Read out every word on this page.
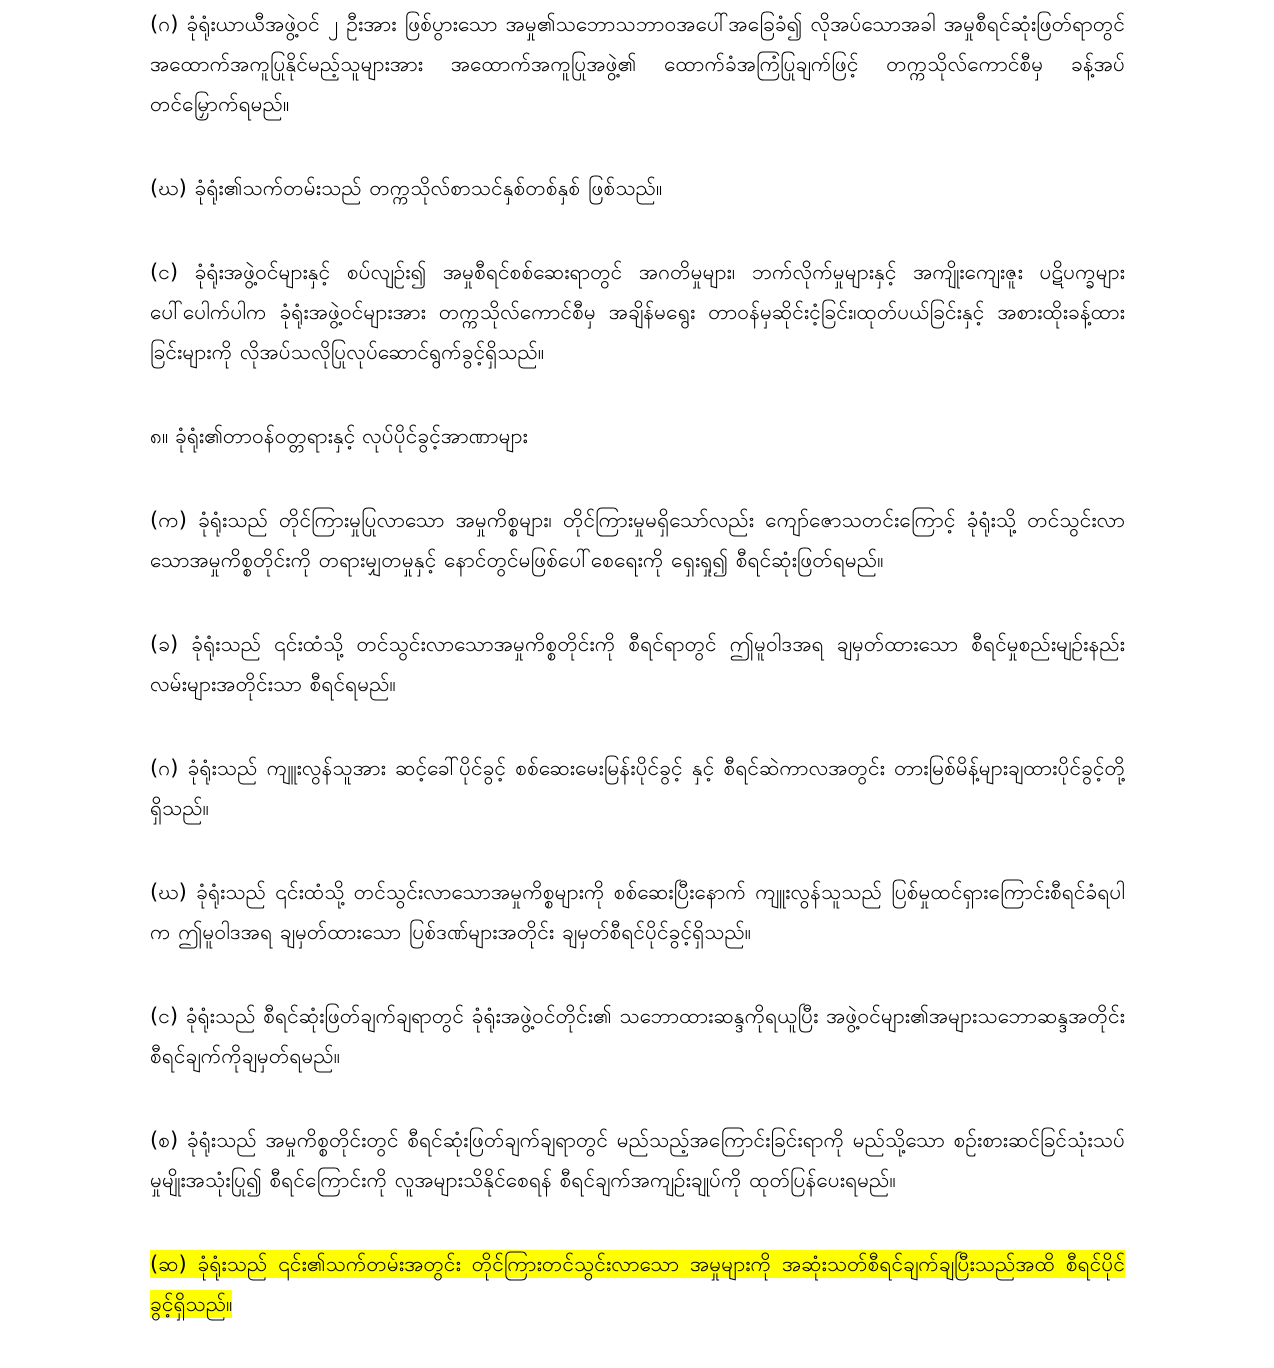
(ဂ) ခုံရုံးယာယီအဖွဲ့ဝင် ၂ ဦးအား ဖြစ်ပွားသော အမှု၏သဘောသဘာဝအပေါ်အခြေခံ၍ လိုအပ်သောအခါ အမှုစီရင်ဆုံးဖြတ်ရာတွင် အထောက်အကူပြုနိုင်မည့်သူများအား အထောက်အကူပြုအဖွဲ့၏ ထောက်ခံအကြံပြုချက်ဖြင့် တက္ကသိုလ်ကောင်စီမှ ခန့်အပ်တင်မြှောက်ရမည်။

(ဃ) ခုံရုံး၏သက်တမ်းသည် တက္ကသိုလ်စာသင်နှစ်တစ်နှစ် ဖြစ်သည်။

(င) ခုံရုံးအဖွဲ့ဝင်များနှင့် စပ်လျဥ်း၍ အမှုစီရင်စစ်ဆေးရာတွင် အဂတိမှုများ၊ ဘက်လိုက်မှုများနှင့် အကျိုးကျေးဇူး ပဋိပက္ခများ ပေါ်ပေါက်ပါက ခုံရုံးအဖွဲ့ဝင်များအား တက္ကသိုလ်ကောင်စီမှ အချိန်မရွေး တာဝန်မှဆိုင်းငံ့ခြင်း၊ထုတ်ပယ်ခြင်းနှင့် အစားထိုးခန့်ထားခြင်းများကို လိုအပ်သလိုပြုလုပ်ဆောင်ရွက်ခွင့်ရှိသည်။

၈။ ခုံရုံး၏တာဝန်ဝတ္တရားနှင့် လုပ်ပိုင်ခွင့်အာဏာများ

(က) ခုံရုံးသည် တိုင်ကြားမှုပြုလာသော အမှုကိစ္စများ၊ တိုင်ကြားမှုမရှိသော်လည်း ကျော်ဇောသတင်းကြောင့် ခုံရုံးသို့ တင်သွင်းလာသောအမှုကိစ္စတိုင်းကို တရားမျှတမှုနှင့် နောင်တွင်မဖြစ်ပေါ်စေရေးကို ရှေးရှု၍ စီရင်ဆုံးဖြတ်ရမည်။

(ခ) ခုံရုံးသည် ၎င်းထံသို့ တင်သွင်းလာသောအမှုကိစ္စတိုင်းကို စီရင်ရာတွင် ဤမူဝါဒအရ ချမှတ်ထားသော စီရင်မှုစည်းမျဥ်းနည်းလမ်းများအတိုင်းသာ စီရင်ရမည်။

(ဂ) ခုံရုံးသည် ကျူးလွန်သူအား ဆင့်ခေါ်ပိုင်ခွင့် စစ်ဆေးမေးမြန်းပိုင်ခွင့် နှင့် စီရင်ဆဲကာလအတွင်း တားမြစ်မိန့်များချထားပိုင်ခွင့်တို့ရှိသည်။

(ဃ) ခုံရုံးသည် ၎င်းထံသို့ တင်သွင်းလာသောအမှုကိစ္စများကို စစ်ဆေးပြီးနောက် ကျူးလွန်သူသည် ပြစ်မှုထင်ရှားကြောင်းစီရင်ခံရပါက ဤမူဝါဒအရ ချမှတ်ထားသော ပြစ်ဒဏ်များအတိုင်း ချမှတ်စီရင်ပိုင်ခွင့်ရှိသည်။

(င) ခုံရုံးသည် စီရင်ဆုံးဖြတ်ချက်ချရာတွင် ခုံရုံးအဖွဲ့ဝင်တိုင်း၏ သဘောထားဆန္ဒကိုရယူပြီး အဖွဲ့ဝင်များ၏အများသဘောဆန္ဒအတိုင်း စီရင်ချက်ကိုချမှတ်ရမည်။

(စ) ခုံရုံးသည် အမှုကိစ္စတိုင်းတွင် စီရင်ဆုံးဖြတ်ချက်ချရာတွင် မည်သည့်အကြောင်းခြင်းရာကို မည်သို့သော စဥ်းစားဆင်ခြင်သုံးသပ်မှုမျိုးအသုံးပြု၍ စီရင်ကြောင်းကို လူအများသိနိုင်စေရန် စီရင်ချက်အကျဥ်းချုပ်ကို ထုတ်ပြန်ပေးရမည်။

(ဆ) ခုံရုံးသည် ၎င်း၏သက်တမ်းအတွင်း တိုင်ကြားတင်သွင်းလာသော အမှုများကို အဆုံးသတ်စီရင်ချက်ချပြီးသည်အထိ စီရင်ပိုင်ခွင့်ရှိသည်။
